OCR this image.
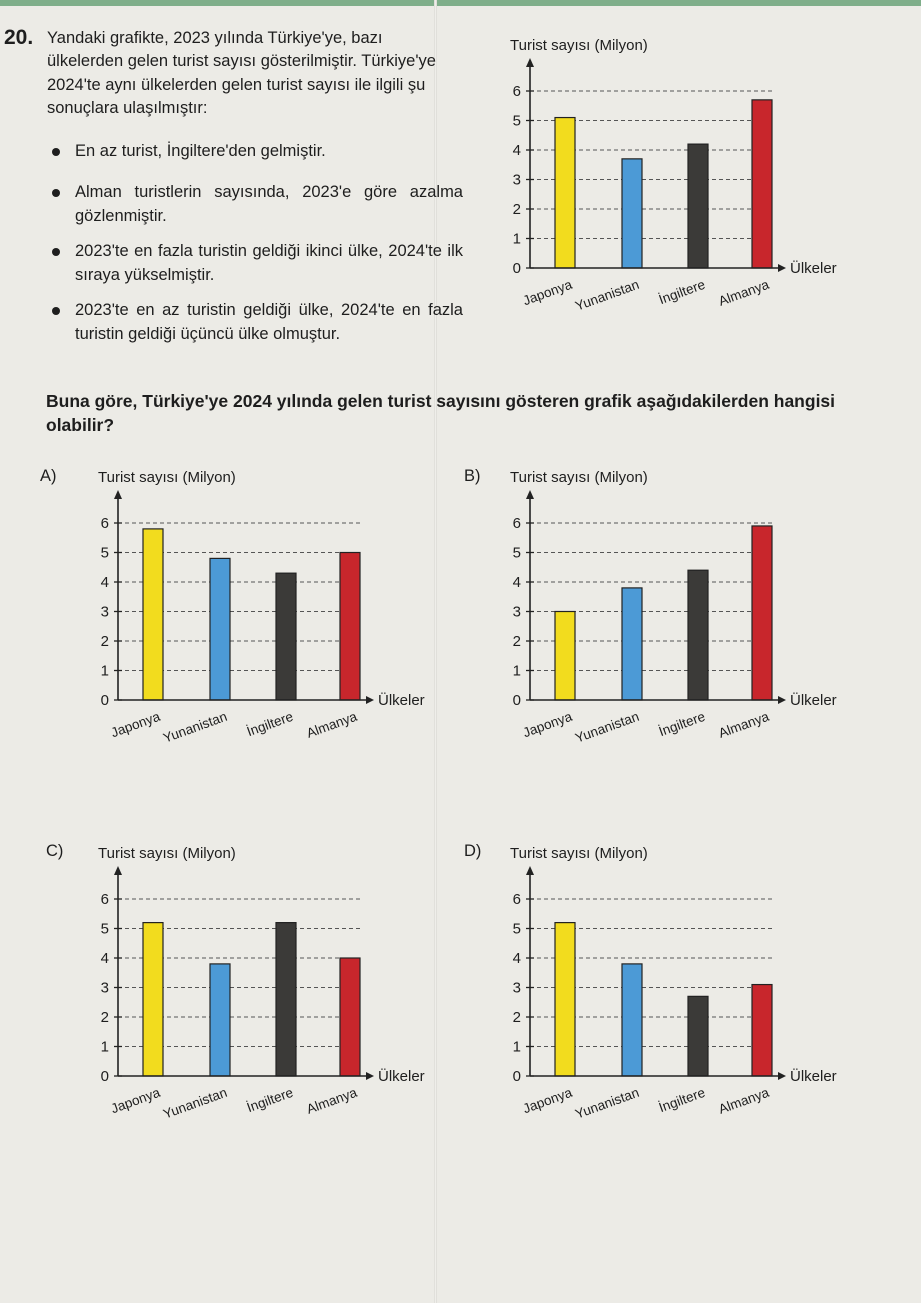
20. Yandaki grafikte, 2023 yılında Türkiye'ye, bazı ülkelerden gelen turist sayısı gösterilmiştir. Türkiye'ye 2024'te aynı ülkelerden gelen turist sayısı ile ilgili şu sonuçlara ulaşılmıştır:

En az turist, İngiltere'den gelmiştir.
Alman turistlerin sayısında, 2023'e göre azalma gözlenmiştir.
2023'te en fazla turistin geldiği ikinci ülke, 2024'te ilk sıraya yükselmiştir.
2023'te en az turistin geldiği ülke, 2024'te en fazla turistin geldiği üçüncü ülke olmuştur.

Buna göre, Türkiye'ye 2024 yılında gelen turist sayısını gösteren grafik aşağıdakilerden hangisi olabilir?

A)	B)
C)	D)
0
1
2
3
4
5
6
Turist sayısı (Milyon)
Ülkeler
Japonya Yunanistan İngiltere Almanya
0
1
2
3
4
5
6
Turist sayısı (Milyon)
Ülkeler
Japonya Yunanistan İngiltere Almanya
0
1
2
3
4
5
6
Turist sayısı (Milyon)
Ülkeler
Japonya Yunanistan İngiltere Almanya
0
1
2
3
4
5
6
Turist sayısı (Milyon)
Ülkeler
Japonya Yunanistan İngiltere Almanya
0
1
2
3
4
5
6
Turist sayısı (Milyon)
Ülkeler
Japonya Yunanistan İngiltere Almanya
